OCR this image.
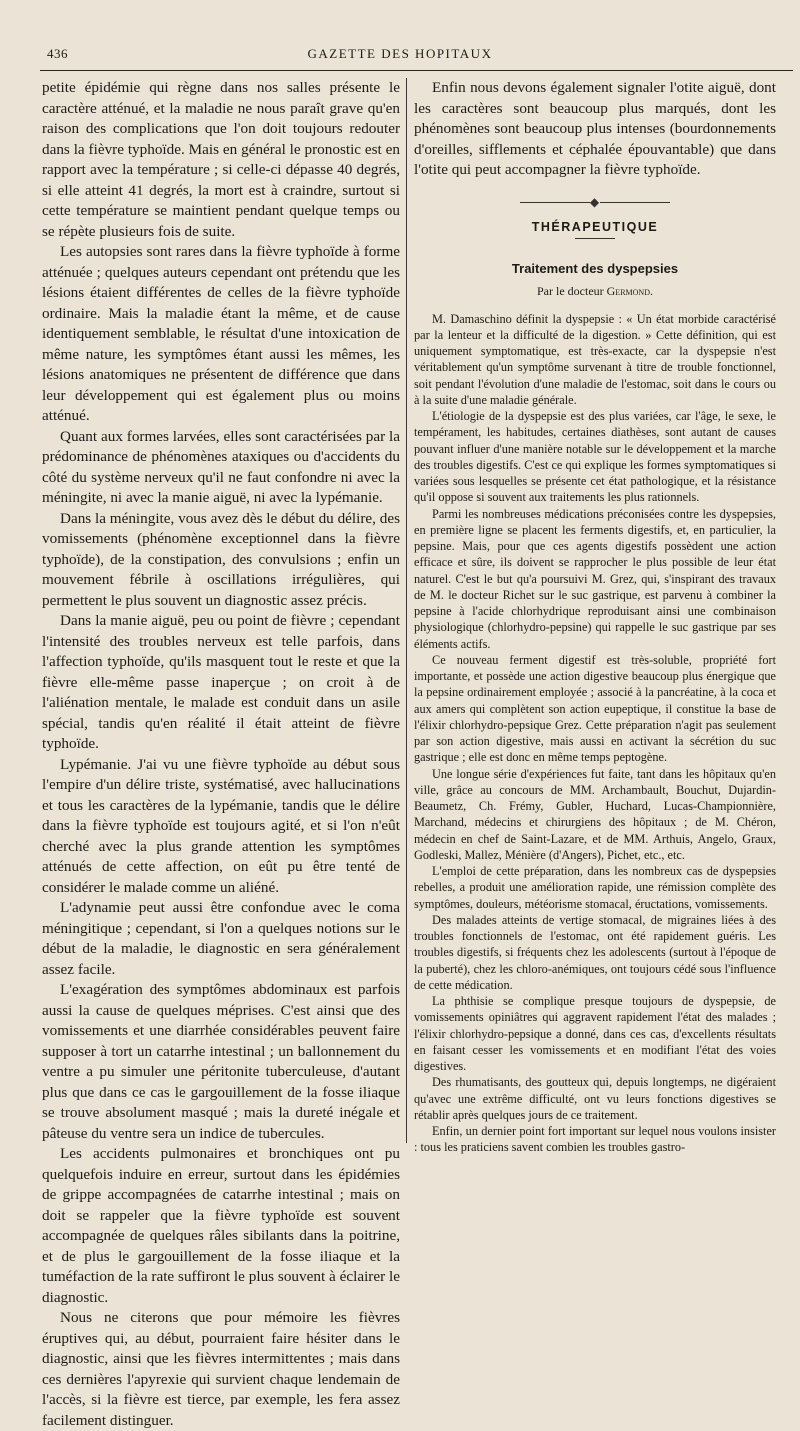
436	GAZETTE DES HOPITAUX

petite épidémie qui règne dans nos salles présente le caractère atténué, et la maladie ne nous paraît grave qu'en raison des complications que l'on doit toujours redouter dans la fièvre typhoïde. Mais en général le pronostic est en rapport avec la température ; si celle-ci dépasse 40 degrés, si elle atteint 41 degrés, la mort est à craindre, surtout si cette température se maintient pendant quelque temps ou se répète plusieurs fois de suite.

Les autopsies sont rares dans la fièvre typhoïde à forme atténuée ; quelques auteurs cependant ont prétendu que les lésions étaient différentes de celles de la fièvre typhoïde ordinaire. Mais la maladie étant la même, et de cause identiquement semblable, le résultat d'une intoxication de même nature, les symptômes étant aussi les mêmes, les lésions anatomiques ne présentent de différence que dans leur développement qui est également plus ou moins atténué.

Quant aux formes larvées, elles sont caractérisées par la prédominance de phénomènes ataxiques ou d'accidents du côté du système nerveux qu'il ne faut confondre ni avec la méningite, ni avec la manie aiguë, ni avec la lypémanie.

Dans la méningite, vous avez dès le début du délire, des vomissements (phénomène exceptionnel dans la fièvre typhoïde), de la constipation, des convulsions ; enfin un mouvement fébrile à oscillations irrégulières, qui permettent le plus souvent un diagnostic assez précis.

Dans la manie aiguë, peu ou point de fièvre ; cependant l'intensité des troubles nerveux est telle parfois, dans l'affection typhoïde, qu'ils masquent tout le reste et que la fièvre elle-même passe inaperçue ; on croit à de l'aliénation mentale, le malade est conduit dans un asile spécial, tandis qu'en réalité il était atteint de fièvre typhoïde.

Lypémanie. J'ai vu une fièvre typhoïde au début sous l'empire d'un délire triste, systématisé, avec hallucinations et tous les caractères de la lypémanie, tandis que le délire dans la fièvre typhoïde est toujours agité, et si l'on n'eût cherché avec la plus grande attention les symptômes atténués de cette affection, on eût pu être tenté de considérer le malade comme un aliéné.

L'adynamie peut aussi être confondue avec le coma méningitique ; cependant, si l'on a quelques notions sur le début de la maladie, le diagnostic en sera généralement assez facile.

L'exagération des symptômes abdominaux est parfois aussi la cause de quelques méprises. C'est ainsi que des vomissements et une diarrhée considérables peuvent faire supposer à tort un catarrhe intestinal ; un ballonnement du ventre a pu simuler une péritonite tuberculeuse, d'autant plus que dans ce cas le gargouillement de la fosse iliaque se trouve absolument masqué ; mais la dureté inégale et pâteuse du ventre sera un indice de tubercules.

Les accidents pulmonaires et bronchiques ont pu quelquefois induire en erreur, surtout dans les épidémies de grippe accompagnées de catarrhe intestinal ; mais on doit se rappeler que la fièvre typhoïde est souvent accompagnée de quelques râles sibilants dans la poitrine, et de plus le gargouillement de la fosse iliaque et la tuméfaction de la rate suffiront le plus souvent à éclairer le diagnostic.

Nous ne citerons que pour mémoire les fièvres éruptives qui, au début, pourraient faire hésiter dans le diagnostic, ainsi que les fièvres intermittentes ; mais dans ces dernières l'apyrexie qui survient chaque lendemain de l'accès, si la fièvre est tierce, par exemple, les fera assez facilement distinguer.

Enfin nous devons également signaler l'otite aiguë, dont les caractères sont beaucoup plus marqués, dont les phénomènes sont beaucoup plus intenses (bourdonnements d'oreilles, sifflements et céphalée épouvantable) que dans l'otite qui peut accompagner la fièvre typhoïde.

◆
THÉRAPEUTIQUE
Traitement des dyspepsies
Par le docteur Germond.

M. Damaschino définit la dyspepsie : « Un état morbide caractérisé par la lenteur et la difficulté de la digestion. » Cette définition, qui est uniquement symptomatique, est très-exacte, car la dyspepsie n'est véritablement qu'un symptôme survenant à titre de trouble fonctionnel, soit pendant l'évolution d'une maladie de l'estomac, soit dans le cours ou à la suite d'une maladie générale.

L'étiologie de la dyspepsie est des plus variées, car l'âge, le sexe, le tempérament, les habitudes, certaines diathèses, sont autant de causes pouvant influer d'une manière notable sur le développement et la marche des troubles digestifs. C'est ce qui explique les formes symptomatiques si variées sous lesquelles se présente cet état pathologique, et la résistance qu'il oppose si souvent aux traitements les plus rationnels.

Parmi les nombreuses médications préconisées contre les dyspepsies, en première ligne se placent les ferments digestifs, et, en particulier, la pepsine. Mais, pour que ces agents digestifs possèdent une action efficace et sûre, ils doivent se rapprocher le plus possible de leur état naturel. C'est le but qu'a poursuivi M. Grez, qui, s'inspirant des travaux de M. le docteur Richet sur le suc gastrique, est parvenu à combiner la pepsine à l'acide chlorhydrique reproduisant ainsi une combinaison physiologique (chlorhydro-pepsine) qui rappelle le suc gastrique par ses éléments actifs.

Ce nouveau ferment digestif est très-soluble, propriété fort importante, et possède une action digestive beaucoup plus énergique que la pepsine ordinairement employée ; associé à la pancréatine, à la coca et aux amers qui complètent son action eupeptique, il constitue la base de l'élixir chlorhydro-pepsique Grez. Cette préparation n'agit pas seulement par son action digestive, mais aussi en activant la sécrétion du suc gastrique ; elle est donc en même temps peptogène.

Une longue série d'expériences fut faite, tant dans les hôpitaux qu'en ville, grâce au concours de MM. Archambault, Bouchut, Dujardin-Beaumetz, Ch. Frémy, Gubler, Huchard, Lucas-Championnière, Marchand, médecins et chirurgiens des hôpitaux ; de M. Chéron, médecin en chef de Saint-Lazare, et de MM. Arthuis, Angelo, Graux, Godleski, Mallez, Ménière (d'Angers), Pichet, etc., etc.

L'emploi de cette préparation, dans les nombreux cas de dyspepsies rebelles, a produit une amélioration rapide, une rémission complète des symptômes, douleurs, météorisme stomacal, éructations, vomissements.

Des malades atteints de vertige stomacal, de migraines liées à des troubles fonctionnels de l'estomac, ont été rapidement guéris. Les troubles digestifs, si fréquents chez les adolescents (surtout à l'époque de la puberté), chez les chloro-anémiques, ont toujours cédé sous l'influence de cette médication.

La phthisie se complique presque toujours de dyspepsie, de vomissements opiniâtres qui aggravent rapidement l'état des malades ; l'élixir chlorhydro-pepsique a donné, dans ces cas, d'excellents résultats en faisant cesser les vomissements et en modifiant l'état des voies digestives.

Des rhumatisants, des goutteux qui, depuis longtemps, ne digéraient qu'avec une extrême difficulté, ont vu leurs fonctions digestives se rétablir après quelques jours de ce traitement.

Enfin, un dernier point fort important sur lequel nous voulons insister : tous les praticiens savent combien les troubles gastro-
